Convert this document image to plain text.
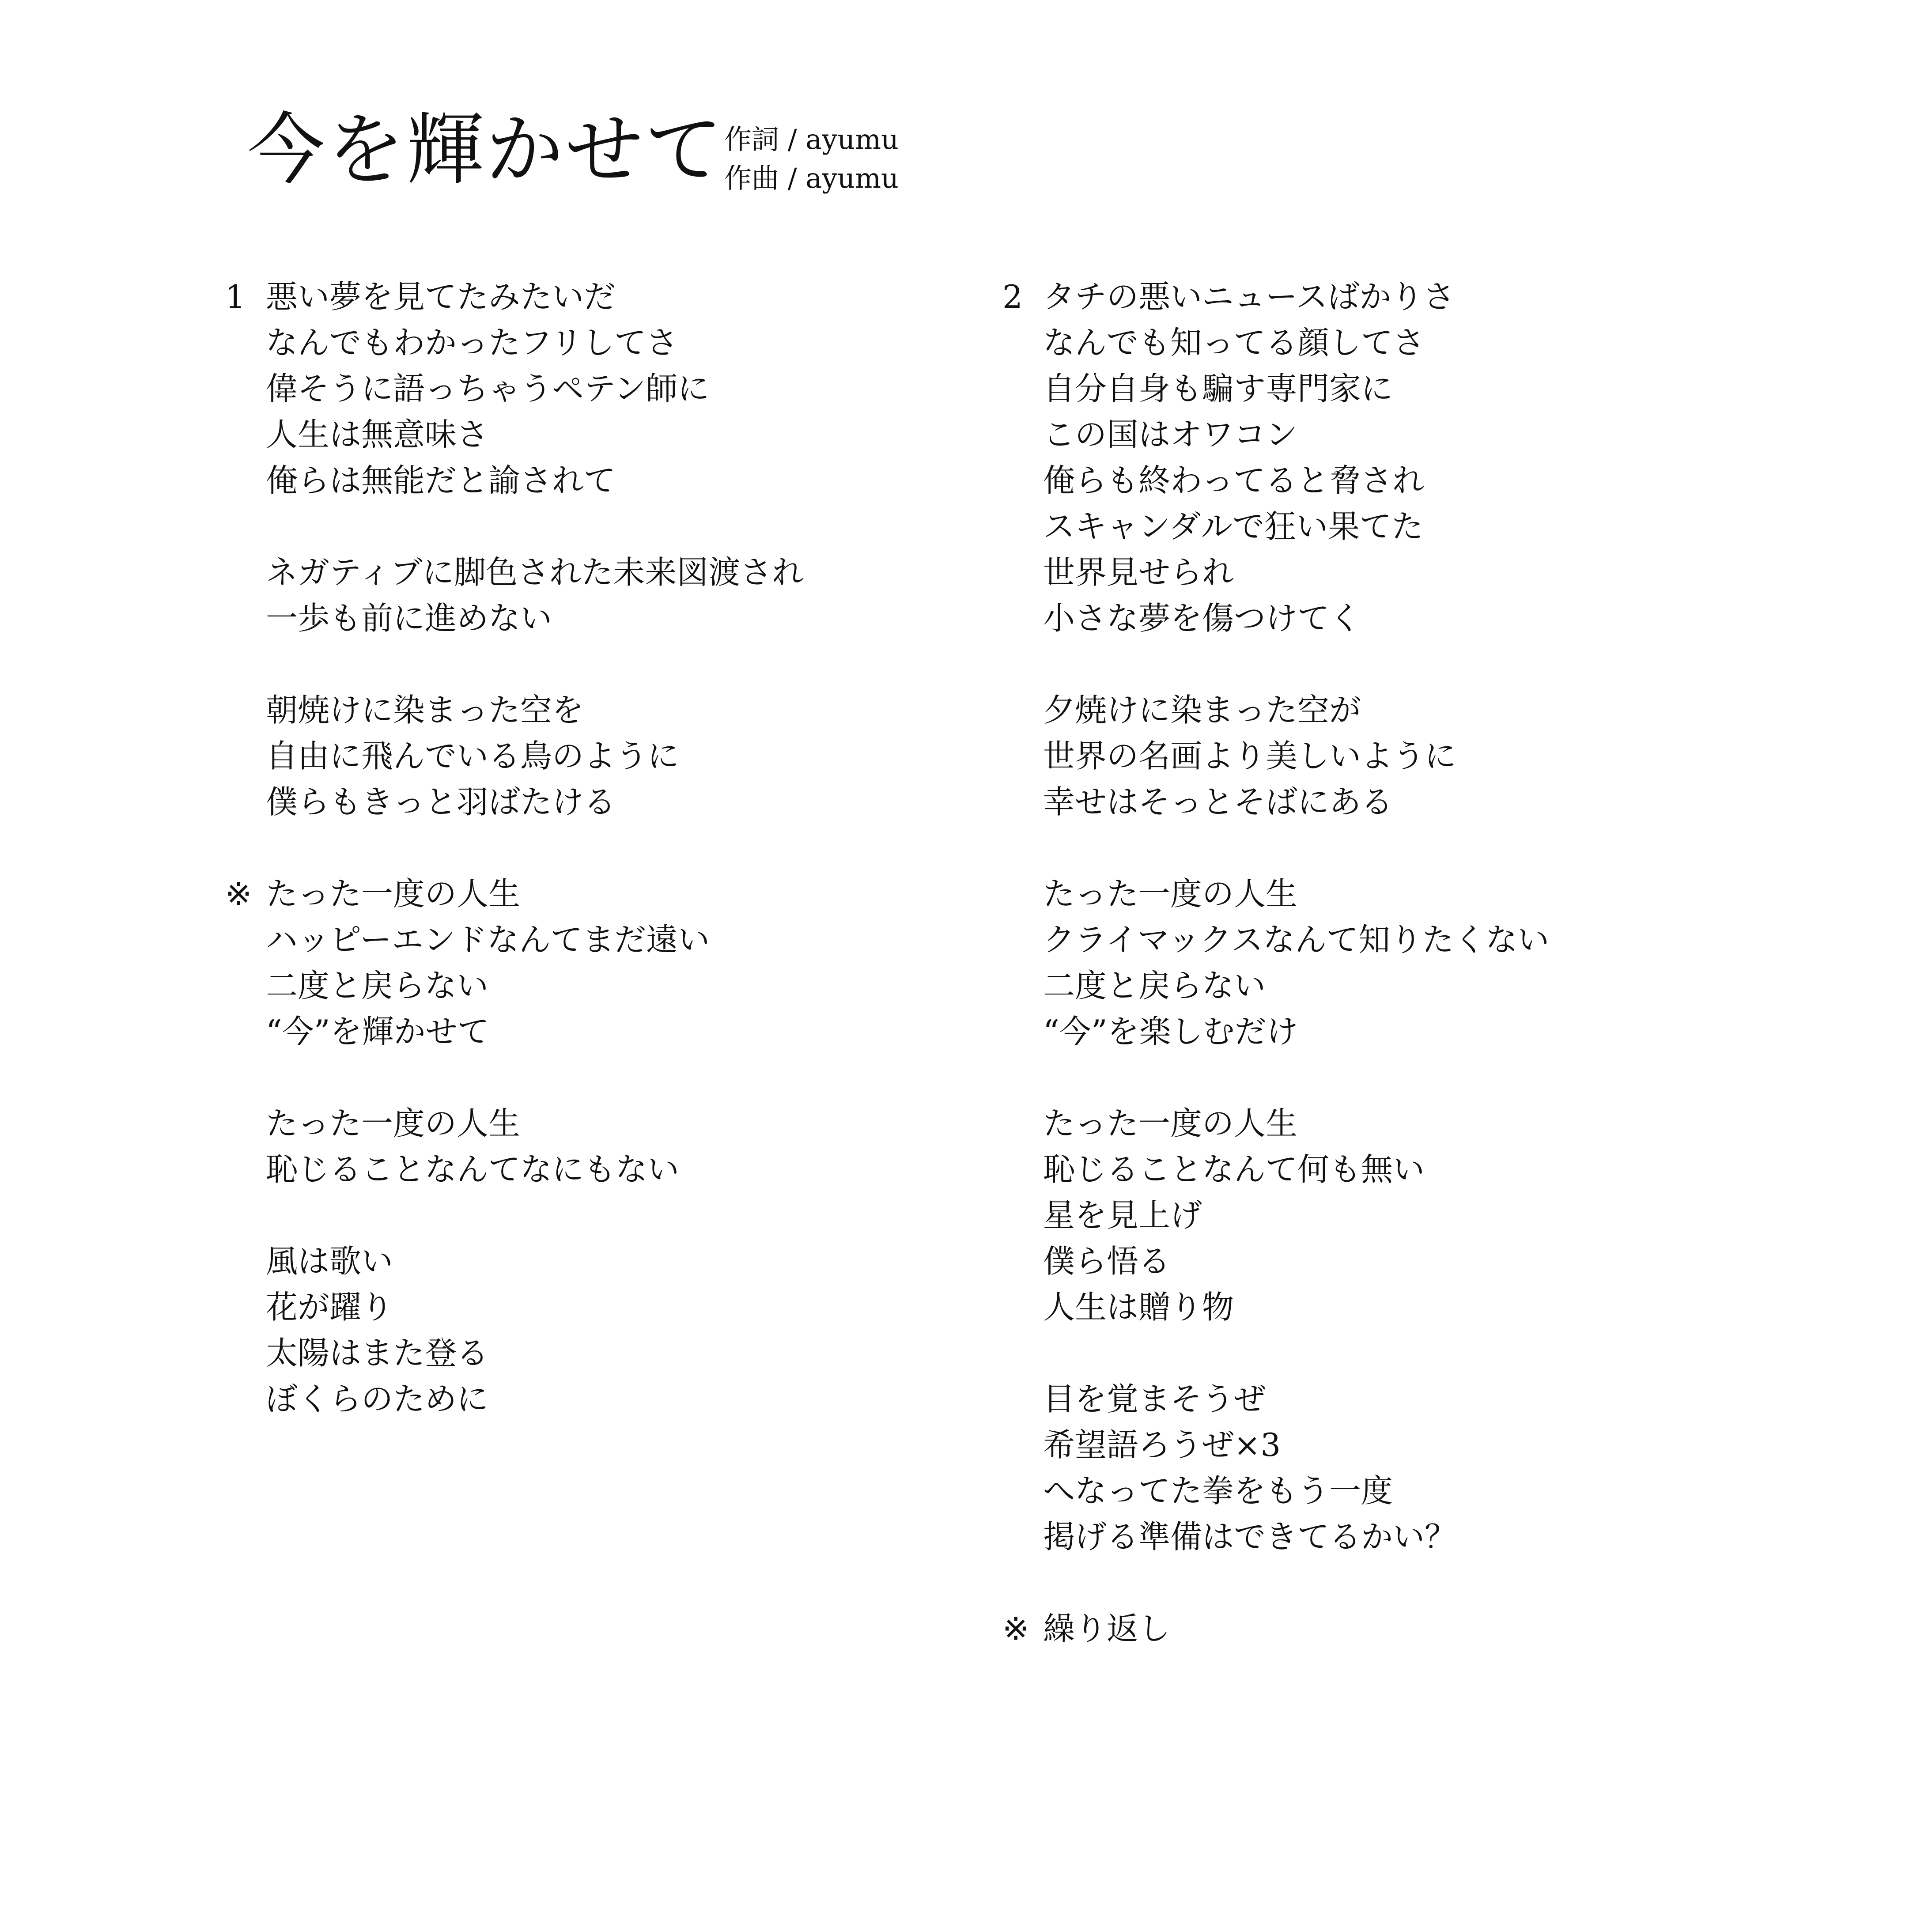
今を輝かせて 作詞 / ayumu
作曲 / ayumu
1 悪い夢を見てたみたいだ
なんでもわかったフリしてさ
偉そうに語っちゃうペテン師に
人生は無意味さ
俺らは無能だと諭されて
ネガティブに脚色された未来図渡され
一歩も前に進めない
朝焼けに染まった空を
自由に飛んでいる鳥のように
僕らもきっと羽ばたける
※ たった一度の人生
ハッピーエンドなんてまだ遠い
二度と戻らない
“今”を輝かせて
たった一度の人生
恥じることなんてなにもない
風は歌い
花が躍り
太陽はまた登る
ぼくらのために
2 タチの悪いニュースばかりさ
なんでも知ってる顔してさ
自分自身も騙す専門家に
この国はオワコン
俺らも終わってると脅され
スキャンダルで狂い果てた
世界見せられ
小さな夢を傷つけてく
夕焼けに染まった空が
世界の名画より美しいように
幸せはそっとそばにある
たった一度の人生
クライマックスなんて知りたくない
二度と戻らない
“今”を楽しむだけ
たった一度の人生
恥じることなんて何も無い
星を見上げ
僕ら悟る
人生は贈り物
目を覚まそうぜ
希望語ろうぜ×3
へなってた拳をもう一度
掲げる準備はできてるかい？
※ 繰り返し
